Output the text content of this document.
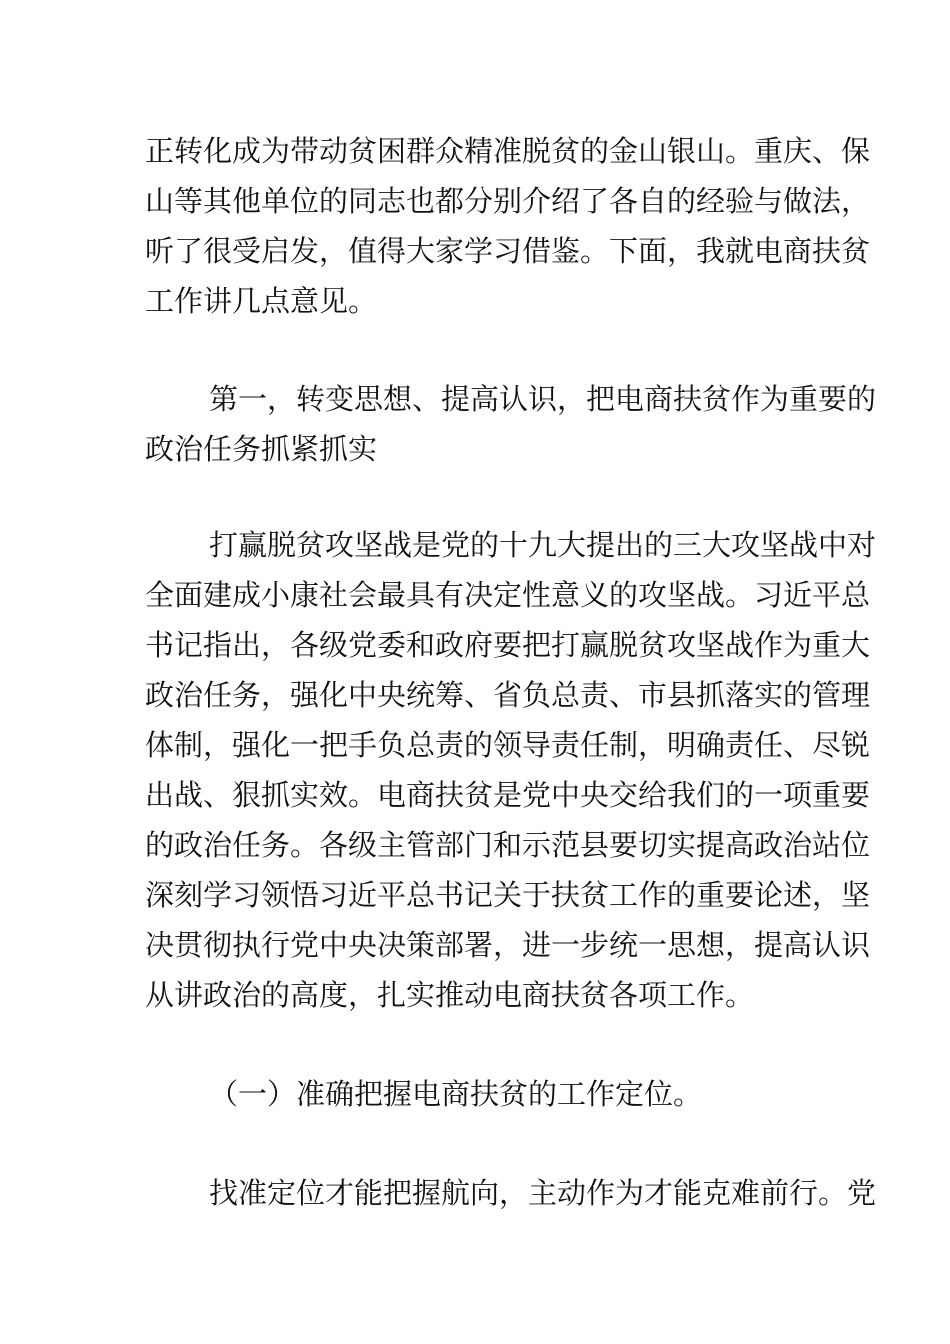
正转化成为带动贫困群众精准脱贫的金山银山。重庆、保
山等其他单位的同志也都分别介绍了各自的经验与做法，
听了很受启发，值得大家学习借鉴。下面，我就电商扶贫
工作讲几点意见。
第一，转变思想、提高认识，把电商扶贫作为重要的
政治任务抓紧抓实
打赢脱贫攻坚战是党的十九大提出的三大攻坚战中对
全面建成小康社会最具有决定性意义的攻坚战。习近平总
书记指出，各级党委和政府要把打赢脱贫攻坚战作为重大
政治任务，强化中央统筹、省负总责、市县抓落实的管理
体制，强化一把手负总责的领导责任制，明确责任、尽锐
出战、狠抓实效。电商扶贫是党中央交给我们的一项重要
的政治任务。各级主管部门和示范县要切实提高政治站位
深刻学习领悟习近平总书记关于扶贫工作的重要论述，坚
决贯彻执行党中央决策部署，进一步统一思想，提高认识
从讲政治的高度，扎实推动电商扶贫各项工作。
（一）准确把握电商扶贫的工作定位。
找准定位才能把握航向，主动作为才能克难前行。党
